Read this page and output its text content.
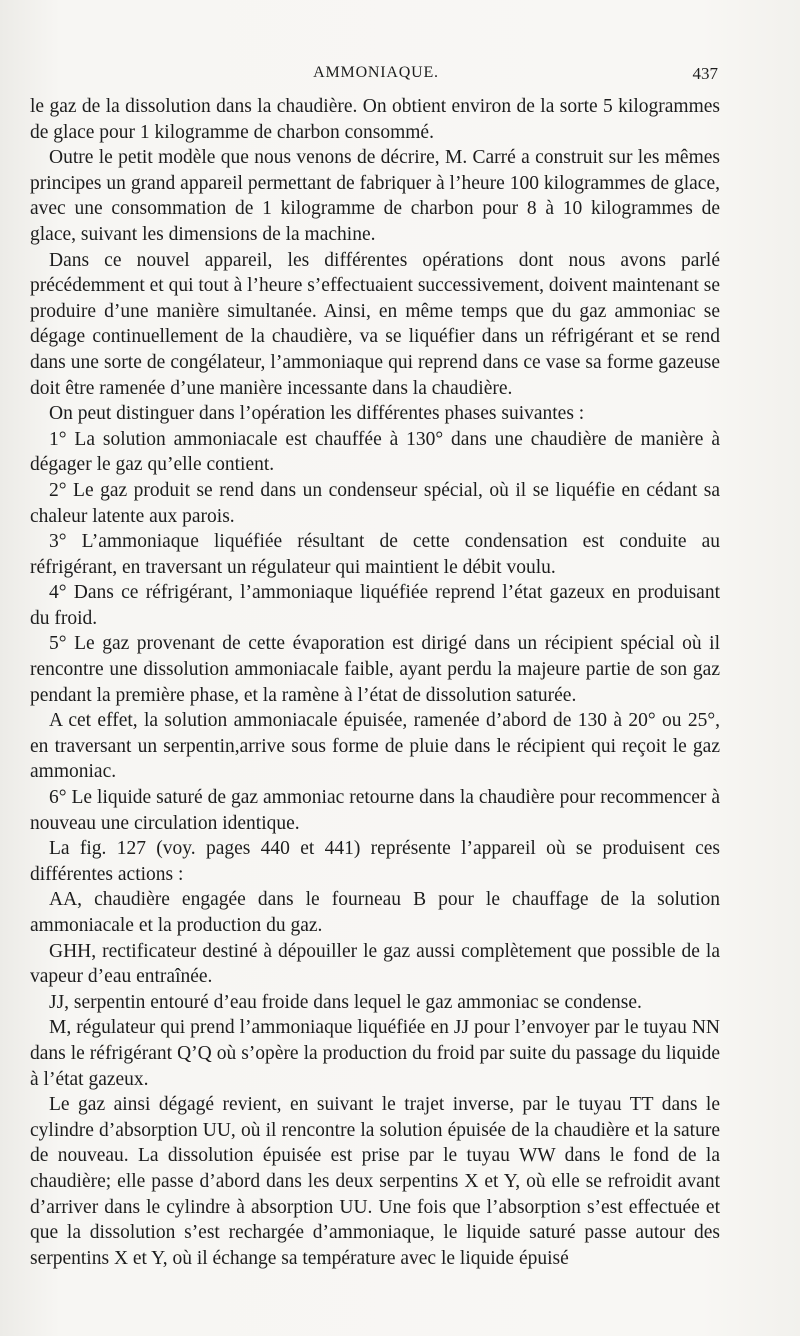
AMMONIAQUE.	437

le gaz de la dissolution dans la chaudière. On obtient environ de la sorte 5 kilogrammes de glace pour 1 kilogramme de charbon consommé.

Outre le petit modèle que nous venons de décrire, M. Carré a construit sur les mêmes principes un grand appareil permettant de fabriquer à l’heure 100 kilogrammes de glace, avec une consommation de 1 kilogramme de charbon pour 8 à 10 kilogrammes de glace, suivant les dimensions de la machine.

Dans ce nouvel appareil, les différentes opérations dont nous avons parlé précédemment et qui tout à l’heure s’effectuaient successivement, doivent maintenant se produire d’une manière simultanée. Ainsi, en même temps que du gaz ammoniac se dégage continuellement de la chaudière, va se liquéfier dans un réfrigérant et se rend dans une sorte de congélateur, l’ammoniaque qui reprend dans ce vase sa forme gazeuse doit être ramenée d’une manière incessante dans la chaudière.

On peut distinguer dans l’opération les différentes phases suivantes :

1° La solution ammoniacale est chauffée à 130° dans une chaudière de manière à dégager le gaz qu’elle contient.

2° Le gaz produit se rend dans un condenseur spécial, où il se liquéfie en cédant sa chaleur latente aux parois.

3° L’ammoniaque liquéfiée résultant de cette condensation est conduite au réfrigérant, en traversant un régulateur qui maintient le débit voulu.

4° Dans ce réfrigérant, l’ammoniaque liquéfiée reprend l’état gazeux en produisant du froid.

5° Le gaz provenant de cette évaporation est dirigé dans un récipient spécial où il rencontre une dissolution ammoniacale faible, ayant perdu la majeure partie de son gaz pendant la première phase, et la ramène à l’état de dissolution saturée.

A cet effet, la solution ammoniacale épuisée, ramenée d’abord de 130 à 20° ou 25°, en traversant un serpentin,arrive sous forme de pluie dans le récipient qui reçoit le gaz ammoniac.

6° Le liquide saturé de gaz ammoniac retourne dans la chaudière pour recommencer à nouveau une circulation identique.

La fig. 127 (voy. pages 440 et 441) représente l’appareil où se produisent ces différentes actions :

AA, chaudière engagée dans le fourneau B pour le chauffage de la solution ammoniacale et la production du gaz.

GHH, rectificateur destiné à dépouiller le gaz aussi complètement que possible de la vapeur d’eau entraînée.

JJ, serpentin entouré d’eau froide dans lequel le gaz ammoniac se condense.

M, régulateur qui prend l’ammoniaque liquéfiée en JJ pour l’envoyer par le tuyau NN dans le réfrigérant Q’Q où s’opère la production du froid par suite du passage du liquide à l’état gazeux.

Le gaz ainsi dégagé revient, en suivant le trajet inverse, par le tuyau TT dans le cylindre d’absorption UU, où il rencontre la solution épuisée de la chaudière et la sature de nouveau. La dissolution épuisée est prise par le tuyau WW dans le fond de la chaudière; elle passe d’abord dans les deux serpentins X et Y, où elle se refroidit avant d’arriver dans le cylindre à absorption UU. Une fois que l’absorption s’est effectuée et que la dissolution s’est rechargée d’ammoniaque, le liquide saturé passe autour des serpentins X et Y, où il échange sa température avec le liquide épuisé
